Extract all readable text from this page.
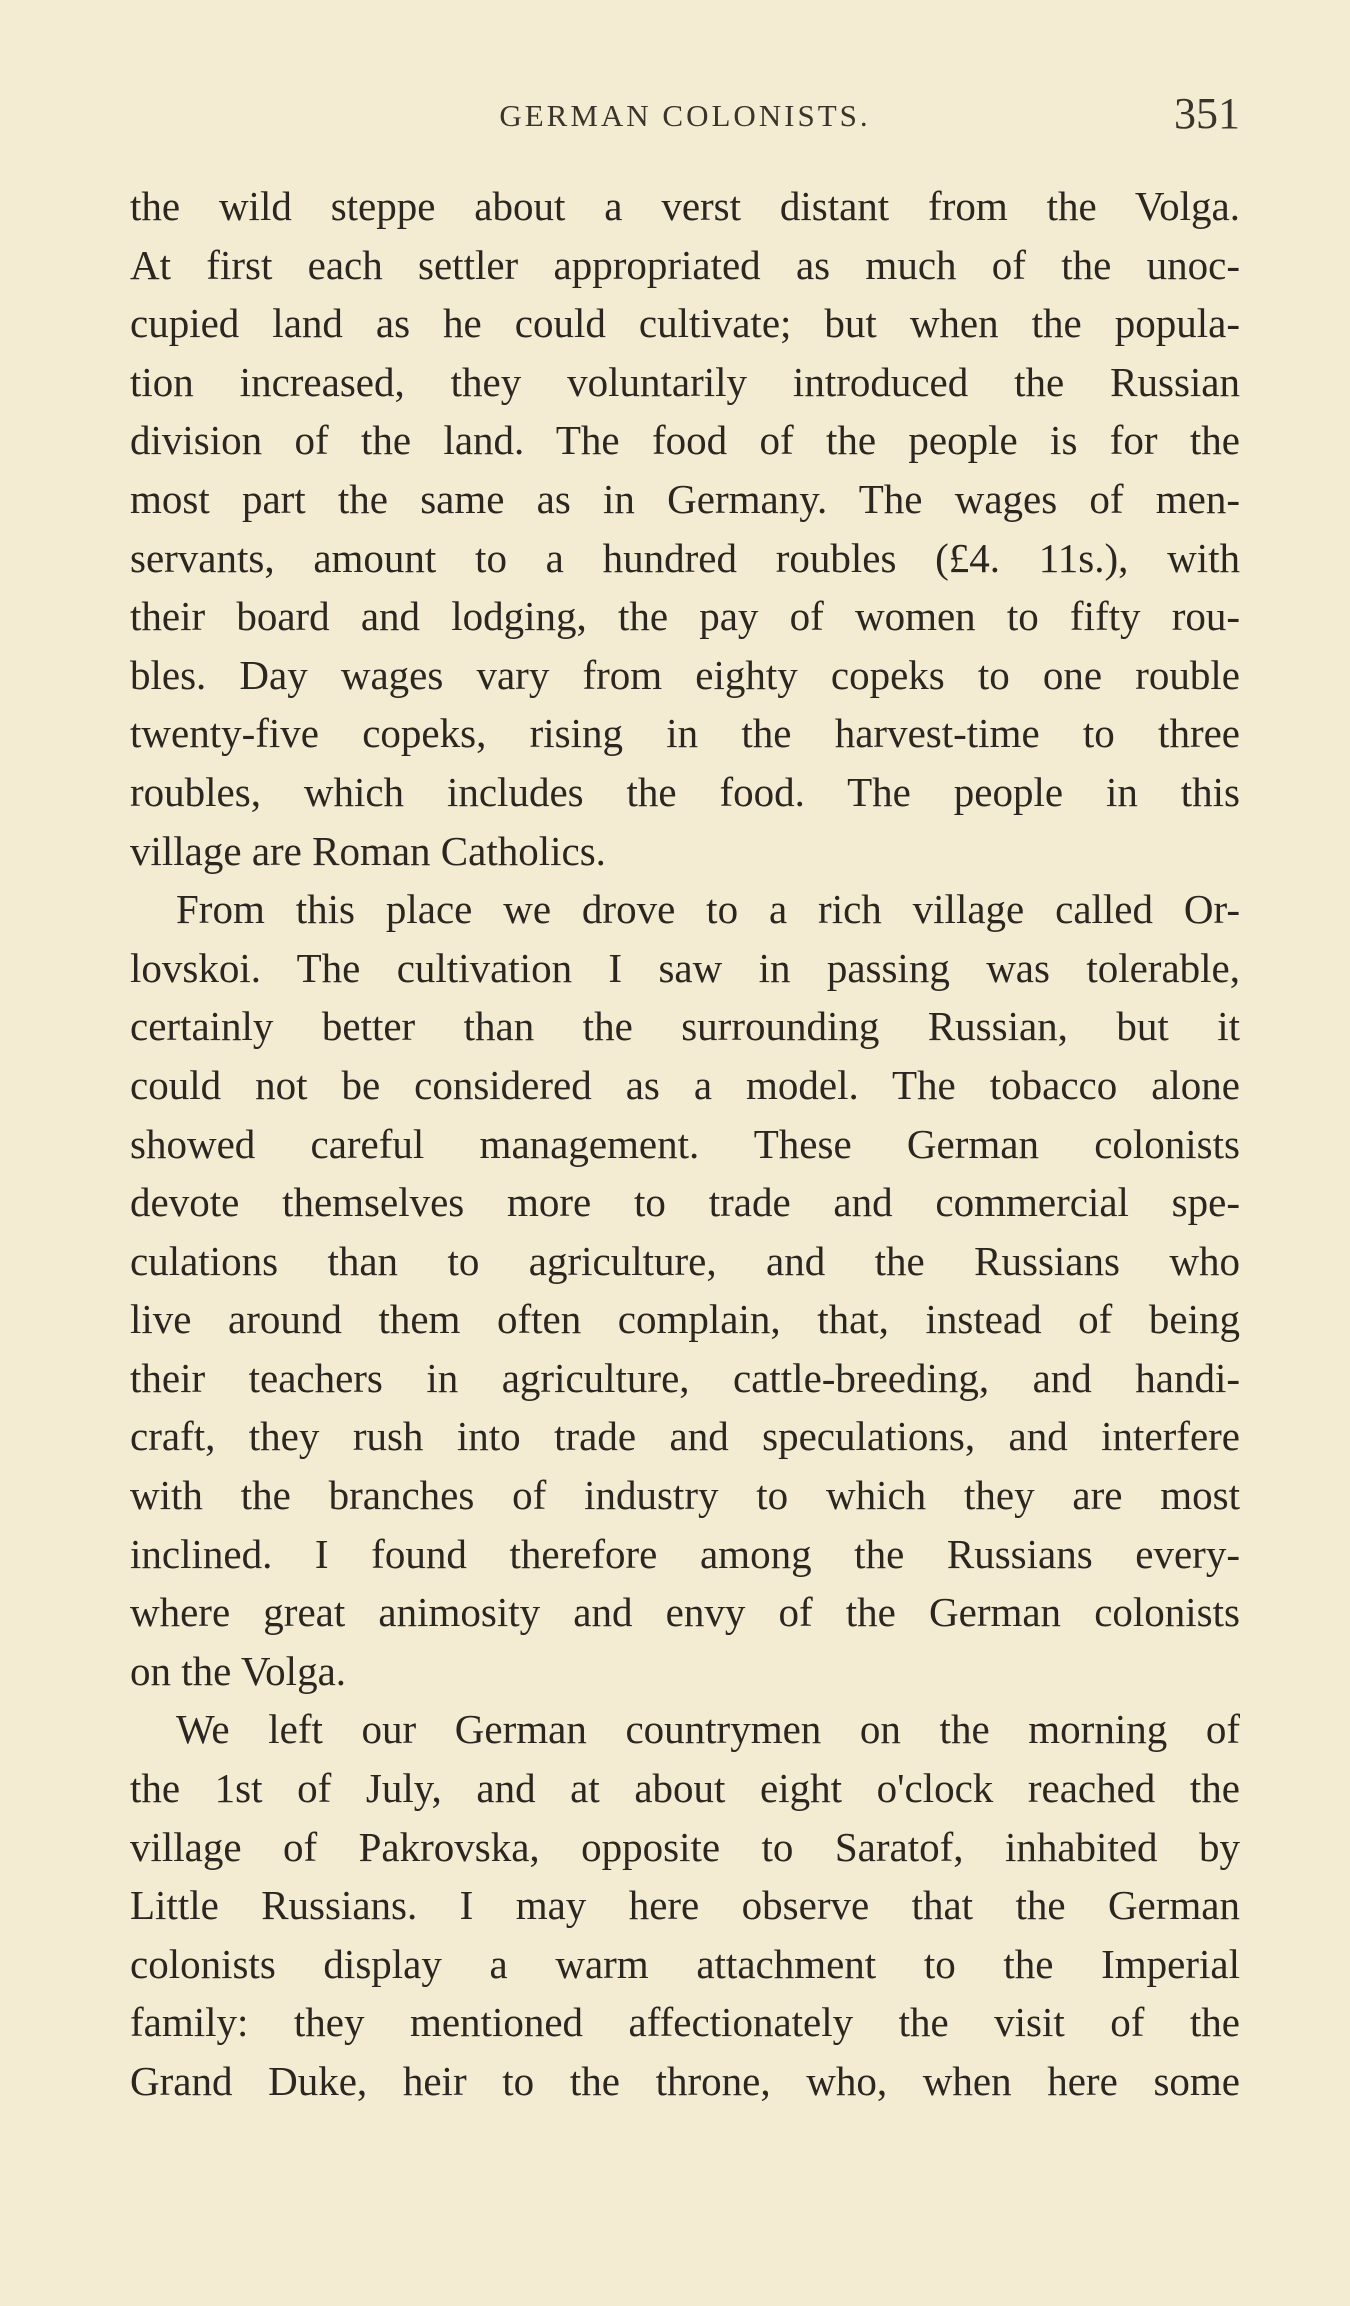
GERMAN COLONISTS.	351
the wild steppe about a verst distant from the Volga.
At first each settler appropriated as much of the unoc-
cupied land as he could cultivate; but when the popula-
tion increased, they voluntarily introduced the Russian
division of the land. The food of the people is for the
most part the same as in Germany. The wages of men-
servants, amount to a hundred roubles (£4. 11s.), with
their board and lodging, the pay of women to fifty rou-
bles. Day wages vary from eighty copeks to one rouble
twenty-five copeks, rising in the harvest-time to three
roubles, which includes the food. The people in this
village are Roman Catholics.
From this place we drove to a rich village called Or-
lovskoi. The cultivation I saw in passing was tolerable,
certainly better than the surrounding Russian, but it
could not be considered as a model. The tobacco alone
showed careful management. These German colonists
devote themselves more to trade and commercial spe-
culations than to agriculture, and the Russians who
live around them often complain, that, instead of being
their teachers in agriculture, cattle-breeding, and handi-
craft, they rush into trade and speculations, and interfere
with the branches of industry to which they are most
inclined. I found therefore among the Russians every-
where great animosity and envy of the German colonists
on the Volga.
We left our German countrymen on the morning of
the 1st of July, and at about eight o'clock reached the
village of Pakrovska, opposite to Saratof, inhabited by
Little Russians. I may here observe that the German
colonists display a warm attachment to the Imperial
family: they mentioned affectionately the visit of the
Grand Duke, heir to the throne, who, when here some
